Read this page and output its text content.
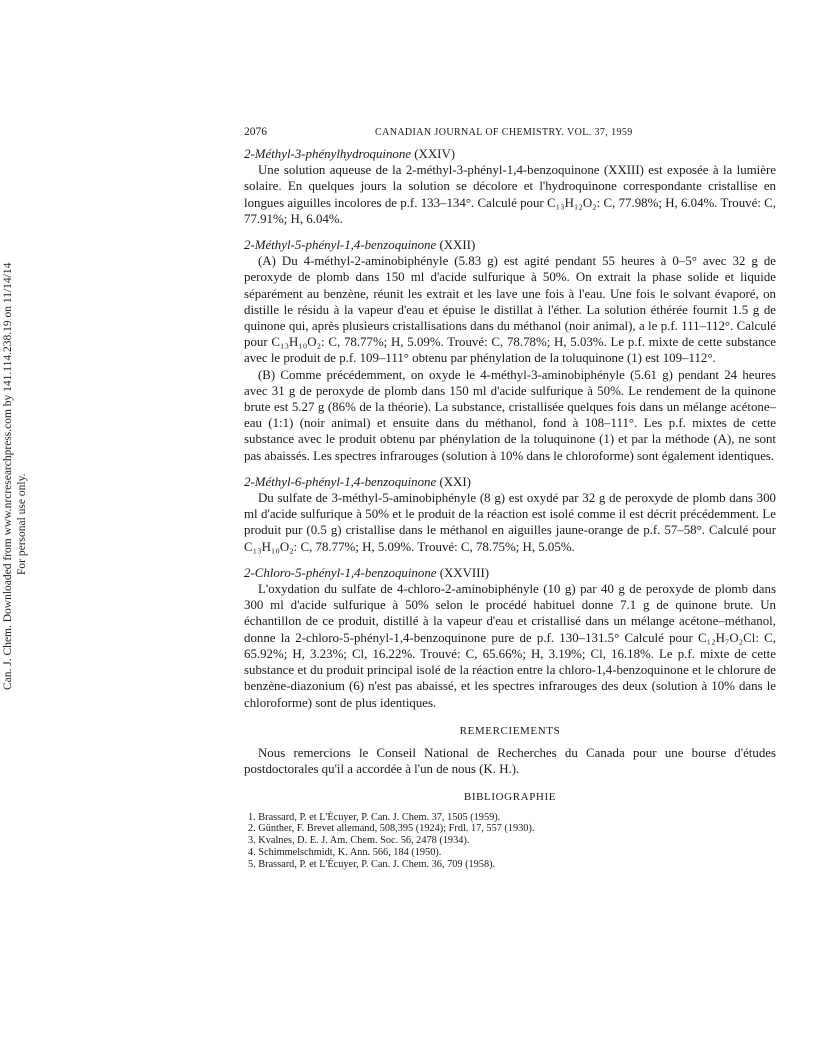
Can. J. Chem. Downloaded from www.nrcresearchpress.com by 141.114.238.19 on 11/14/14 For personal use only.
2076	CANADIAN JOURNAL OF CHEMISTRY. VOL. 37, 1959
2-Méthyl-3-phénylhydroquinone (XXIV)

Une solution aqueuse de la 2-méthyl-3-phényl-1,4-benzoquinone (XXIII) est exposée à la lumière solaire. En quelques jours la solution se décolore et l'hydroquinone correspondante cristallise en longues aiguilles incolores de p.f. 133–134°. Calculé pour C₁₃H₁₂O₂: C, 77.98%; H, 6.04%. Trouvé: C, 77.91%; H, 6.04%.

2-Méthyl-5-phényl-1,4-benzoquinone (XXII)

(A) Du 4-méthyl-2-aminobiphényle (5.83 g) est agité pendant 55 heures à 0–5° avec 32 g de peroxyde de plomb dans 150 ml d'acide sulfurique à 50%. On extrait la phase solide et liquide séparément au benzène, réunit les extrait et les lave une fois à l'eau. Une fois le solvant évaporé, on distille le résidu à la vapeur d'eau et épuise le distillat à l'éther. La solution éthérée fournit 1.5 g de quinone qui, après plusieurs cristallisations dans du méthanol (noir animal), a le p.f. 111–112°. Calculé pour C₁₃H₁₀O₂: C, 78.77%; H, 5.09%. Trouvé: C, 78.78%; H, 5.03%. Le p.f. mixte de cette substance avec le produit de p.f. 109–111° obtenu par phénylation de la toluquinone (1) est 109–112°.

(B) Comme précédemment, on oxyde le 4-méthyl-3-aminobiphényle (5.61 g) pendant 24 heures avec 31 g de peroxyde de plomb dans 150 ml d'acide sulfurique à 50%. Le rendement de la quinone brute est 5.27 g (86% de la théorie). La substance, cristallisée quelques fois dans un mélange acétone–eau (1:1) (noir animal) et ensuite dans du méthanol, fond à 108–111°. Les p.f. mixtes de cette substance avec le produit obtenu par phénylation de la toluquinone (1) et par la méthode (A), ne sont pas abaissés. Les spectres infrarouges (solution à 10% dans le chloroforme) sont également identiques.

2-Méthyl-6-phényl-1,4-benzoquinone (XXI)

Du sulfate de 3-méthyl-5-aminobiphényle (8 g) est oxydé par 32 g de peroxyde de plomb dans 300 ml d'acide sulfurique à 50% et le produit de la réaction est isolé comme il est décrit précédemment. Le produit pur (0.5 g) cristallise dans le méthanol en aiguilles jaune-orange de p.f. 57–58°. Calculé pour C₁₃H₁₀O₂: C, 78.77%; H, 5.09%. Trouvé: C, 78.75%; H, 5.05%.

2-Chloro-5-phényl-1,4-benzoquinone (XXVIII)

L'oxydation du sulfate de 4-chloro-2-aminobiphényle (10 g) par 40 g de peroxyde de plomb dans 300 ml d'acide sulfurique à 50% selon le procédé habituel donne 7.1 g de quinone brute. Un échantillon de ce produit, distillé à la vapeur d'eau et cristallisé dans un mélange acétone–méthanol, donne la 2-chloro-5-phényl-1,4-benzoquinone pure de p.f. 130–131.5° Calculé pour C₁₂H₇O₂Cl: C, 65.92%; H, 3.23%; Cl, 16.22%. Trouvé: C, 65.66%; H, 3.19%; Cl, 16.18%. Le p.f. mixte de cette substance et du produit principal isolé de la réaction entre la chloro-1,4-benzoquinone et le chlorure de benzène-diazonium (6) n'est pas abaissé, et les spectres infrarouges des deux (solution à 10% dans le chloroforme) sont de plus identiques.

REMERCIEMENTS

Nous remercions le Conseil National de Recherches du Canada pour une bourse d'études postdoctorales qu'il a accordée à l'un de nous (K. H.).

BIBLIOGRAPHIE
1. Brassard, P. et L'Écuyer, P. Can. J. Chem. 37, 1505 (1959).
2. Günther, F. Brevet allemand, 508,395 (1924); Frdl. 17, 557 (1930).
3. Kvalnes, D. E. J. Am. Chem. Soc. 56, 2478 (1934).
4. Schimmelschmidt, K. Ann. 566, 184 (1950).
5. Brassard, P. et L'Écuyer, P. Can. J. Chem. 36, 709 (1958).
